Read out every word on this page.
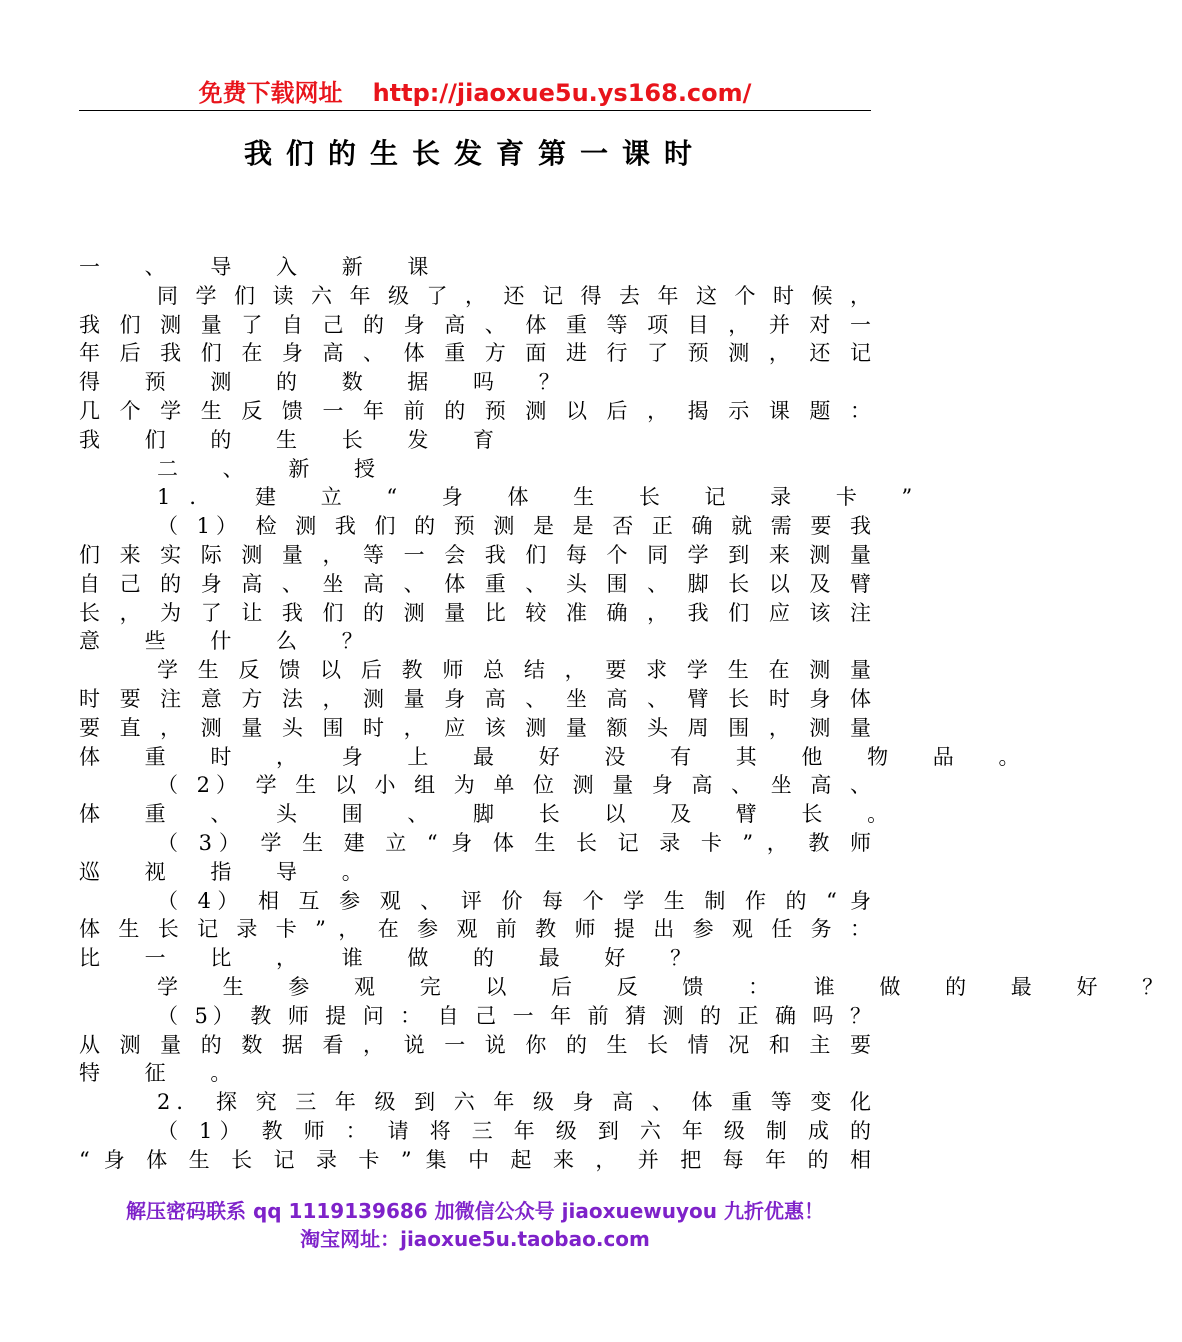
免费下载网址 http://jiaoxue5u.ys168.com/
我们的生长发育第一课时
一 、 导 入 新 课
同 学 们 读 六 年 级 了 ， 还 记 得 去 年 这 个 时 候 ，
我 们 测 量 了 自 己 的 身 高 、 体 重 等 项 目 ， 并 对 一
年 后 我 们 在 身 高 、 体 重 方 面 进 行 了 预 测 ， 还 记
得 预 测 的 数 据 吗 ？
几 个 学 生 反 馈 一 年 前 的 预 测 以 后 ， 揭 示 课 题 ：
我 们 的 生 长 发 育
二 、 新 授
1． 建 立 “ 身 体 生 长 记 录 卡 ”
（ 1） 检 测 我 们 的 预 测 是 是 否 正 确 就 需 要 我
们 来 实 际 测 量 ， 等 一 会 我 们 每 个 同 学 到 来 测 量
自 己 的 身 高 、 坐 高 、 体 重 、 头 围 、 脚 长 以 及 臂
长 ， 为 了 让 我 们 的 测 量 比 较 准 确 ， 我 们 应 该 注
意 些 什 么 ？
学 生 反 馈 以 后 教 师 总 结 ， 要 求 学 生 在 测 量
时 要 注 意 方 法 ， 测 量 身 高 、 坐 高 、 臂 长 时 身 体
要 直 ， 测 量 头 围 时 ， 应 该 测 量 额 头 周 围 ， 测 量
体 重 时 ， 身 上 最 好 没 有 其 他 物 品 。
（ 2） 学 生 以 小 组 为 单 位 测 量 身 高 、 坐 高 、
体 重 、 头 围 、 脚 长 以 及 臂 长 。
（ 3） 学 生 建 立 “ 身 体 生 长 记 录 卡 ” ， 教 师
巡 视 指 导 。
（ 4） 相 互 参 观 、 评 价 每 个 学 生 制 作 的 “ 身
体 生 长 记 录 卡 ” ， 在 参 观 前 教 师 提 出 参 观 任 务 ：
比 一 比 ， 谁 做 的 最 好 ？
学 生 参 观 完 以 后 反 馈 ： 谁 做 的 最 好 ？
（ 5） 教 师 提 问 ： 自 己 一 年 前 猜 测 的 正 确 吗 ？
从 测 量 的 数 据 看 ， 说 一 说 你 的 生 长 情 况 和 主 要
特 征 。
2． 探 究 三 年 级 到 六 年 级 身 高 、 体 重 等 变 化
（ 1） 教 师 ： 请 将 三 年 级 到 六 年 级 制 成 的
“ 身 体 生 长 记 录 卡 ” 集 中 起 来 ， 并 把 每 年 的 相
解压密码联系 qq 1119139686 加微信公众号 jiaoxuewuyou 九折优惠！
淘宝网址：jiaoxue5u.taobao.com
